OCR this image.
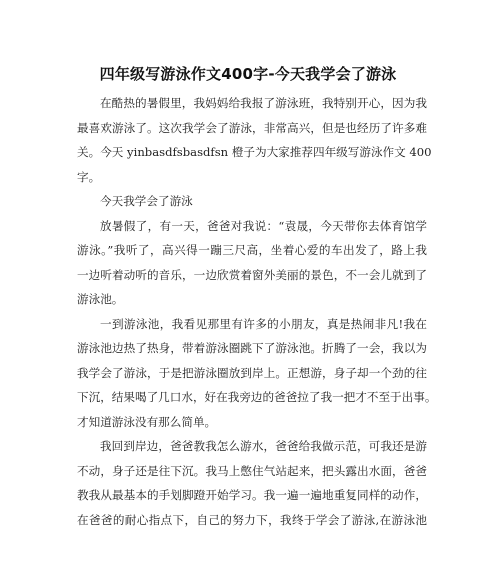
四年级写游泳作文400字-今天我学会了游泳
在酷热的暑假里，我妈妈给我报了游泳班，我特别开心，因为我
最喜欢游泳了。这次我学会了游泳，非常高兴，但是也经历了许多难
关。今天 yinbasdfsbasdfsn 橙子为大家推荐四年级写游泳作文 400
字。
今天我学会了游泳
放暑假了，有一天，爸爸对我说：“袁晟，今天带你去体育馆学
游泳。”我听了，高兴得一蹦三尺高，坐着心爱的车出发了，路上我
一边听着动听的音乐，一边欣赏着窗外美丽的景色，不一会儿就到了
游泳池。
一到游泳池，我看见那里有许多的小朋友，真是热闹非凡!我在
游泳池边热了热身，带着游泳圈跳下了游泳池。折腾了一会，我以为
我学会了游泳，于是把游泳圈放到岸上。正想游，身子却一个劲的往
下沉，结果喝了几口水，好在我旁边的爸爸拉了我一把才不至于出事。
才知道游泳没有那么简单。
我回到岸边，爸爸教我怎么游水，爸爸给我做示范，可我还是游
不动，身子还是往下沉。我马上憋住气站起来，把头露出水面，爸爸
教我从最基本的手划脚蹬开始学习。我一遍一遍地重复同样的动作，
在爸爸的耐心指点下，自己的努力下，我终于学会了游泳,在游泳池
